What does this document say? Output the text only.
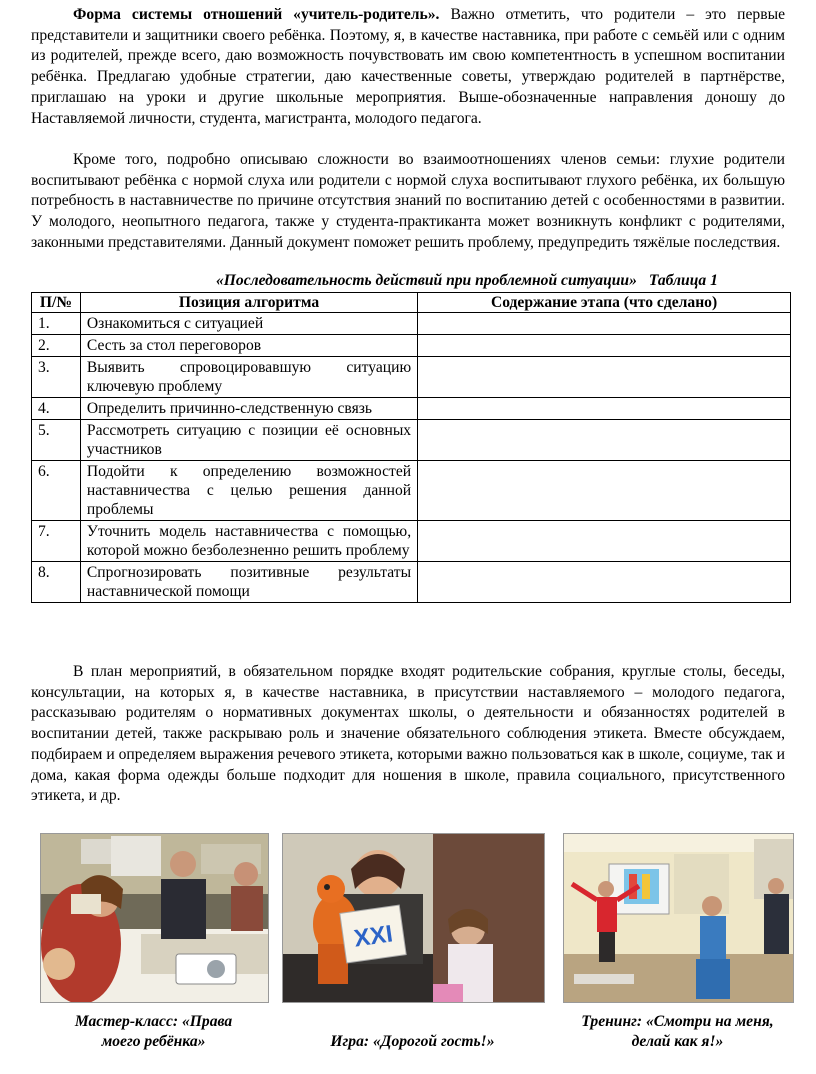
Форма системы отношений «учитель-родитель». Важно отметить, что родители – это первые представители и защитники своего ребёнка. Поэтому, я, в качестве наставника, при работе с семьёй или с одним из родителей, прежде всего, даю возможность почувствовать им свою компетентность в успешном воспитании ребёнка. Предлагаю удобные стратегии, даю качественные советы, утверждаю родителей в партнёрстве, приглашаю на уроки и другие школьные мероприятия. Выше-обозначенные направления доношу до Наставляемой личности, студента, магистранта, молодого педагога.

Кроме того, подробно описываю сложности во взаимоотношениях членов семьи: глухие родители воспитывают ребёнка с нормой слуха или родители с нормой слуха воспитывают глухого ребёнка, их большую потребность в наставничестве по причине отсутствия знаний по воспитанию детей с особенностями в развитии. У молодого, неопытного педагога, также у студента-практиканта может возникнуть конфликт с родителями, законными представителями. Данный документ поможет решить проблему, предупредить тяжёлые последствия.

«Последовательность действий при проблемной ситуации» Таблица 1
П/№	Позиция алгоритма	Содержание этапа (что сделано)
1.	Ознакомиться с ситуацией	
2.	Сесть за стол переговоров	
3.	Выявить спровоцировавшую ситуацию ключевую проблему	
4.	Определить причинно-следственную связь	
5.	Рассмотреть ситуацию с позиции её основных участников	
6.	Подойти к определению возможностей наставничества с целью решения данной проблемы	
7.	Уточнить модель наставничества с помощью, которой можно безболезненно решить проблему	
8.	Спрогнозировать позитивные результаты наставнической помощи	

В план мероприятий, в обязательном порядке входят родительские собрания, круглые столы, беседы, консультации, на которых я, в качестве наставника, в присутствии наставляемого – молодого педагога, рассказываю родителям о нормативных документах школы, о деятельности и обязанностях родителей в воспитании детей, также раскрываю роль и значение обязательного соблюдения этикета. Вместе обсуждаем, подбираем и определяем выражения речевого этикета, которыми важно пользоваться как в школе, социуме, так и дома, какая форма одежды больше подходит для ношения в школе, правила социального, присутственного этикета, и др.

XXI
Мастер-класс: «Права
моего ребёнка»	Игра: «Дорогой гость!»
Тренинг: «Смотри на меня,
делай как я!»
